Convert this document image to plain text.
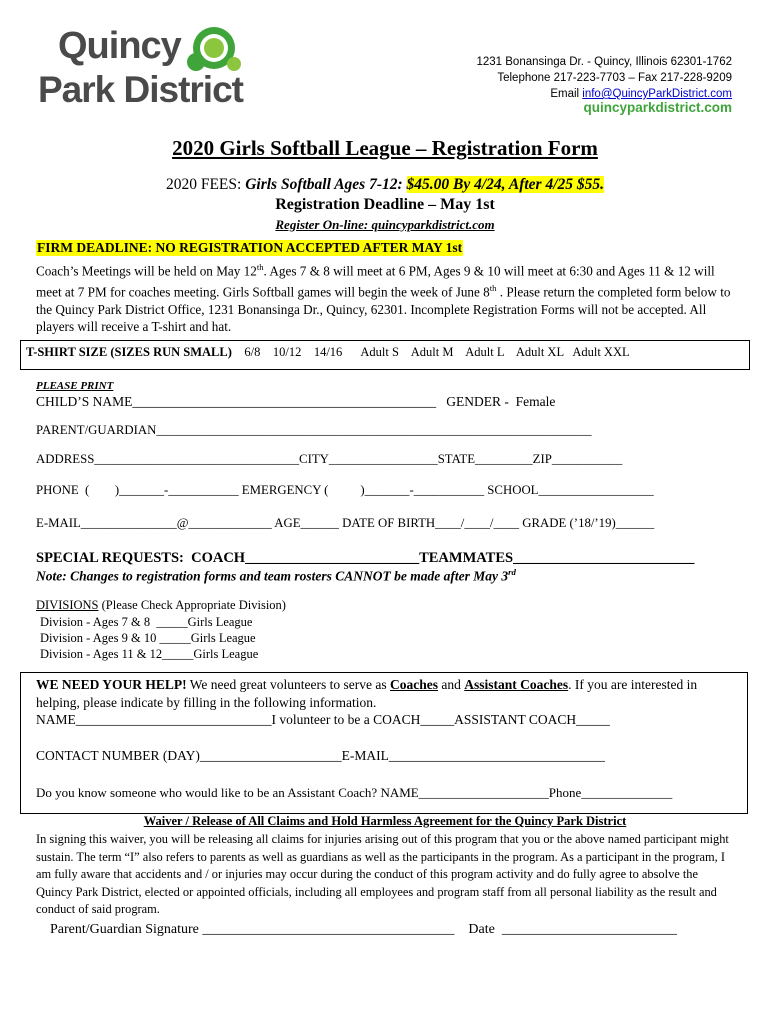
Quincy
Park District
1231 Bonansinga Dr. - Quincy, Illinois 62301-1762
Telephone 217-223-7703 – Fax 217-228-9209
Email info@QuincyParkDistrict.com
quincyparkdistrict.com
2020 Girls Softball League – Registration Form
2020 FEES: Girls Softball Ages 7-12: $45.00 By 4/24, After 4/25 $55.
Registration Deadline – May 1st
Register On-line: quincyparkdistrict.com
FIRM DEADLINE: NO REGISTRATION ACCEPTED AFTER MAY 1st
Coach’s Meetings will be held on May 12th. Ages 7 & 8 will meet at 6 PM, Ages 9 & 10 will meet at 6:30 and Ages 11 & 12 will meet at 7 PM for coaches meeting. Girls Softball games will begin the week of June 8th . Please return the completed form below to the Quincy Park District Office, 1231 Bonansinga Dr., Quincy, 62301. Incomplete Registration Forms will not be accepted. All players will receive a T-shirt and hat.
T-SHIRT SIZE (SIZES RUN SMALL) 6/8    10/12    14/16      Adult S    Adult M    Adult L    Adult XL   Adult XXL
PLEASE PRINT
CHILD’S NAME_____________________________________________   GENDER -  Female
PARENT/GUARDIAN____________________________________________________________________
ADDRESS________________________________CITY_________________STATE_________ZIP___________
PHONE  (        )_______-___________ EMERGENCY (          )_______-___________ SCHOOL__________________
E-MAIL_______________@_____________ AGE______ DATE OF BIRTH____/____/____ GRADE (’18/’19)______
SPECIAL REQUESTS:  COACH________________________TEAMMATES_________________________
Note: Changes to registration forms and team rosters CANNOT be made after May 3rd
DIVISIONS (Please Check Appropriate Division)
Division - Ages 7 & 8  _____Girls League
Division - Ages 9 & 10 _____Girls League
Division - Ages 11 & 12_____Girls League
WE NEED YOUR HELP! We need great volunteers to serve as Coaches and Assistant Coaches. If you are interested in helping, please indicate by filling in the following information.
NAME_____________________________I volunteer to be a COACH_____ASSISTANT COACH_____
CONTACT NUMBER (DAY)_____________________E-MAIL________________________________
Do you know someone who would like to be an Assistant Coach? NAME____________________Phone______________
Waiver / Release of All Claims and Hold Harmless Agreement for the Quincy Park District
In signing this waiver, you will be releasing all claims for injuries arising out of this program that you or the above named participant might sustain. The term “I” also refers to parents as well as guardians as well as the participants in the program. As a participant in the program, I am fully aware that accidents and / or injuries may occur during the conduct of this program activity and do fully agree to absolve the Quincy Park District, elected or appointed officials, including all employees and program staff from all personal liability as the result and conduct of said program.
Parent/Guardian Signature ____________________________________    Date  _________________________
